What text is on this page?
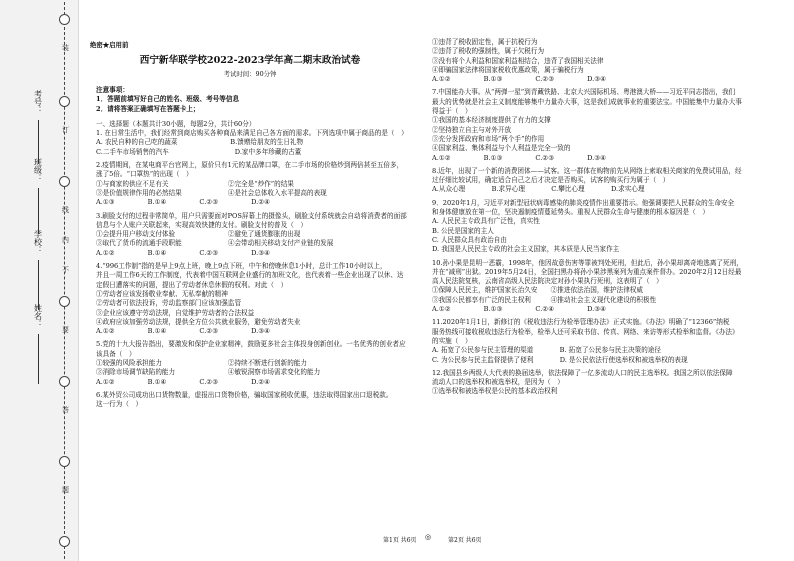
装
订
线
内
不
要
答
题
学校：
姓名：
班级：
考号：
绝密★启用前
西宁新华联学校2022-2023学年高二期末政治试卷
考试时间：90分钟

注意事项：

1．答题前填写好自己的姓名、班级、考号等信息

2．请将答案正确填写在答题卡上；

一、选择题（本题共计30小题，每题2分，共计60分）

1. 在日常生活中，我们经常到商店购买各种商品来满足自己各方面的需求。下列选项中属于商品的是（　）

A. 农民自种的自己吃的蔬菜　　　　　　　　B.馈赠给朋友的生日礼物

C.二手车市场销售的汽车　　　　　　　　　　D.家中多年珍藏的古董

2.疫情期间，在某电商平台官网上，原价只有1元的某品牌口罩，在二手市场的价格炒到两倍甚至五倍多，

涨了5倍。“口罩热”的出现（　）

①与商家的供应不足有关　　　　　　　　　②完全是“炒作”的结果

③是价值规律作用的必然结果　　　　　　　④是社会总体收入水平提高的表现

A.①③　　　　　B.①④　　　　　C.②③　　　　　D.②④

3.刷脸支付的过程非常简单，用户只需要面对POS屏幕上的摄像头，刷脸支付系统就会自动将消费者的面部

信息与个人账户关联起来，实现高效快捷的支付。刷脸支付的普及（　）

①会提升用户移动支付体验　　　　　　　　②避免了通货膨胀的出现

③取代了货币的流通手段职能　　　　　　　④会带动相关移动支付产业链的发展

A.①②　　　　　B.①④　　　　　C.②③　　　　　D.③④

4.“996工作制”指的是早上9点上班，晚上9点下班，中午和傍晚休息1小时，总计工作10小时以上，

并且一周工作6天的工作制度，代表着中国互联网企业盛行的加班文化，也代表着一些企业出现了以休、达

定假日遭落实的问题，提出了劳动者休息休假的权利。对此（　）

①劳动者应该发扬敬业奉献、无私奉献的精神

②劳动者可依法投诉，劳动监察部门应该加强监管

③企业应该遵守劳动法规，自觉维护劳动者的合法权益

④政府应该加强劳动法规，提供全方位公共就业服务，避免劳动者失业

A.①②　　　　　B.①④　　　　　C.②③　　　　　D.③④

5.党的十九大报告指出，要激发和保护企业家精神，鼓励更多社会主体投身创新创业。一名优秀的创业者应

该具备（　）

①较强的风险承担能力　　　　　　　　　　②持续不断进行创新的能力

③消除市场调节缺陷的能力　　　　　　　　④敏锐洞察市场需求变化的能力

A.①②　　　　　B.①④　　　　　C.②③　　　　　D.②④

6.某外贸公司成功出口货物数量，虚报出口货物价格，骗取国家税收优惠，违法取得国家出口退税款。

这一行为（　）

①违背了税收固定性，属于抗税行为

②违背了税收的强制性，属于欠税行为

③没有将个人利益和国家利益相结合，违背了我国相关法律

④即骗国家法律将国家税收优惠政策，属于骗税行为

A.①②　　　　　B.①③　　　　　C.②③　　　　　D.③④

7.中国能办大事。从“两弹一星”到青藏铁路、北京大兴国际机场、粤港澳大桥——习近平同志指出，我们

最大的优势就是社会主义制度能够集中力量办大事，这是我们成就事业的重要法宝。中国能集中力量办大事

得益于（　）

①我国的基本经济制度提供了有力的支撑

②坚持独立自主与对外开放

③充分发挥政府和市场“两个手”的作用

④国家利益、集体利益与个人利益是完全一致的

A.①②　　　　　B.①③　　　　　C.②③　　　　　D.③④

8.近年，出现了一个新的消费团体——试客。这一群体在购物前先从网络上索取相关商家的免费试用品，经

过仔细比较试用，确定适合自己之后才决定是否购买，试客的购买行为属于（　）

A.从众心理　　　　B.求异心理　　　　C.攀比心理　　　　D.求实心理

9．2020年1月，习近平对新型冠状病毒感染的肺炎疫情作出重要指示。他强调要把人民群众的生命安全

和身体健康放在第一位，坚决遏制疫情蔓延势头。重视人民群众生命与健康的根本原因是（　）

A. 人民民主专政具有广泛性，真实性

B. 公民是国家的主人

C. 人民群众具有政治自由

D. 我国是人民民主专政的社会主义国家，其本质是人民当家作主

10.孙小果是昆明一恶霸，1998年，他因故意伤害等罪被判处死刑，但此后，孙小果却离奇地逃离了死刑，

并在“减刑”出狱。2019年5月24日，全国扫黑办将孙小果涉黑案列为重点案件督办。2020年2月12日经最

高人民法院复核，云南省高级人民法院决定对孙小果执行死刑，这表明了（　）

①保障人民民主，维护国家长治久安　　②推进依法治国，维护法律权威

③我国公民都享有广泛的民主权利　　　④推动社会主义现代化建设的积极性

A.①②　　　　　B.①③　　　　　C.②④　　　　　D.③④

11.2020年1月1日，新修订的《税收违法行为检举管理办法》正式实施。《办法》明确了“12366”纳税

服务热线可接收税收违法行为检举，检举人还可采取书信、传真、网络、来访等形式检举和监督。《办法》

的实施（　）

A. 拓宽了公民参与民主管理的渠道　　　　B. 拓宽了公民参与民主决策的途径

C. 为公民参与民主监督提供了便利　　　　D. 是公民依法行使选举权和被选举权的表现

12.我国县乡两级人大代表的换届选举，依法保障了一亿多流动人口的民主选举权。我国之所以依法保障

流动人口的选举权和被选举权，是因为（　）

①选举权和被选举权是公民的基本政治权利

第1页 共6页 ◎	第2页 共6页
